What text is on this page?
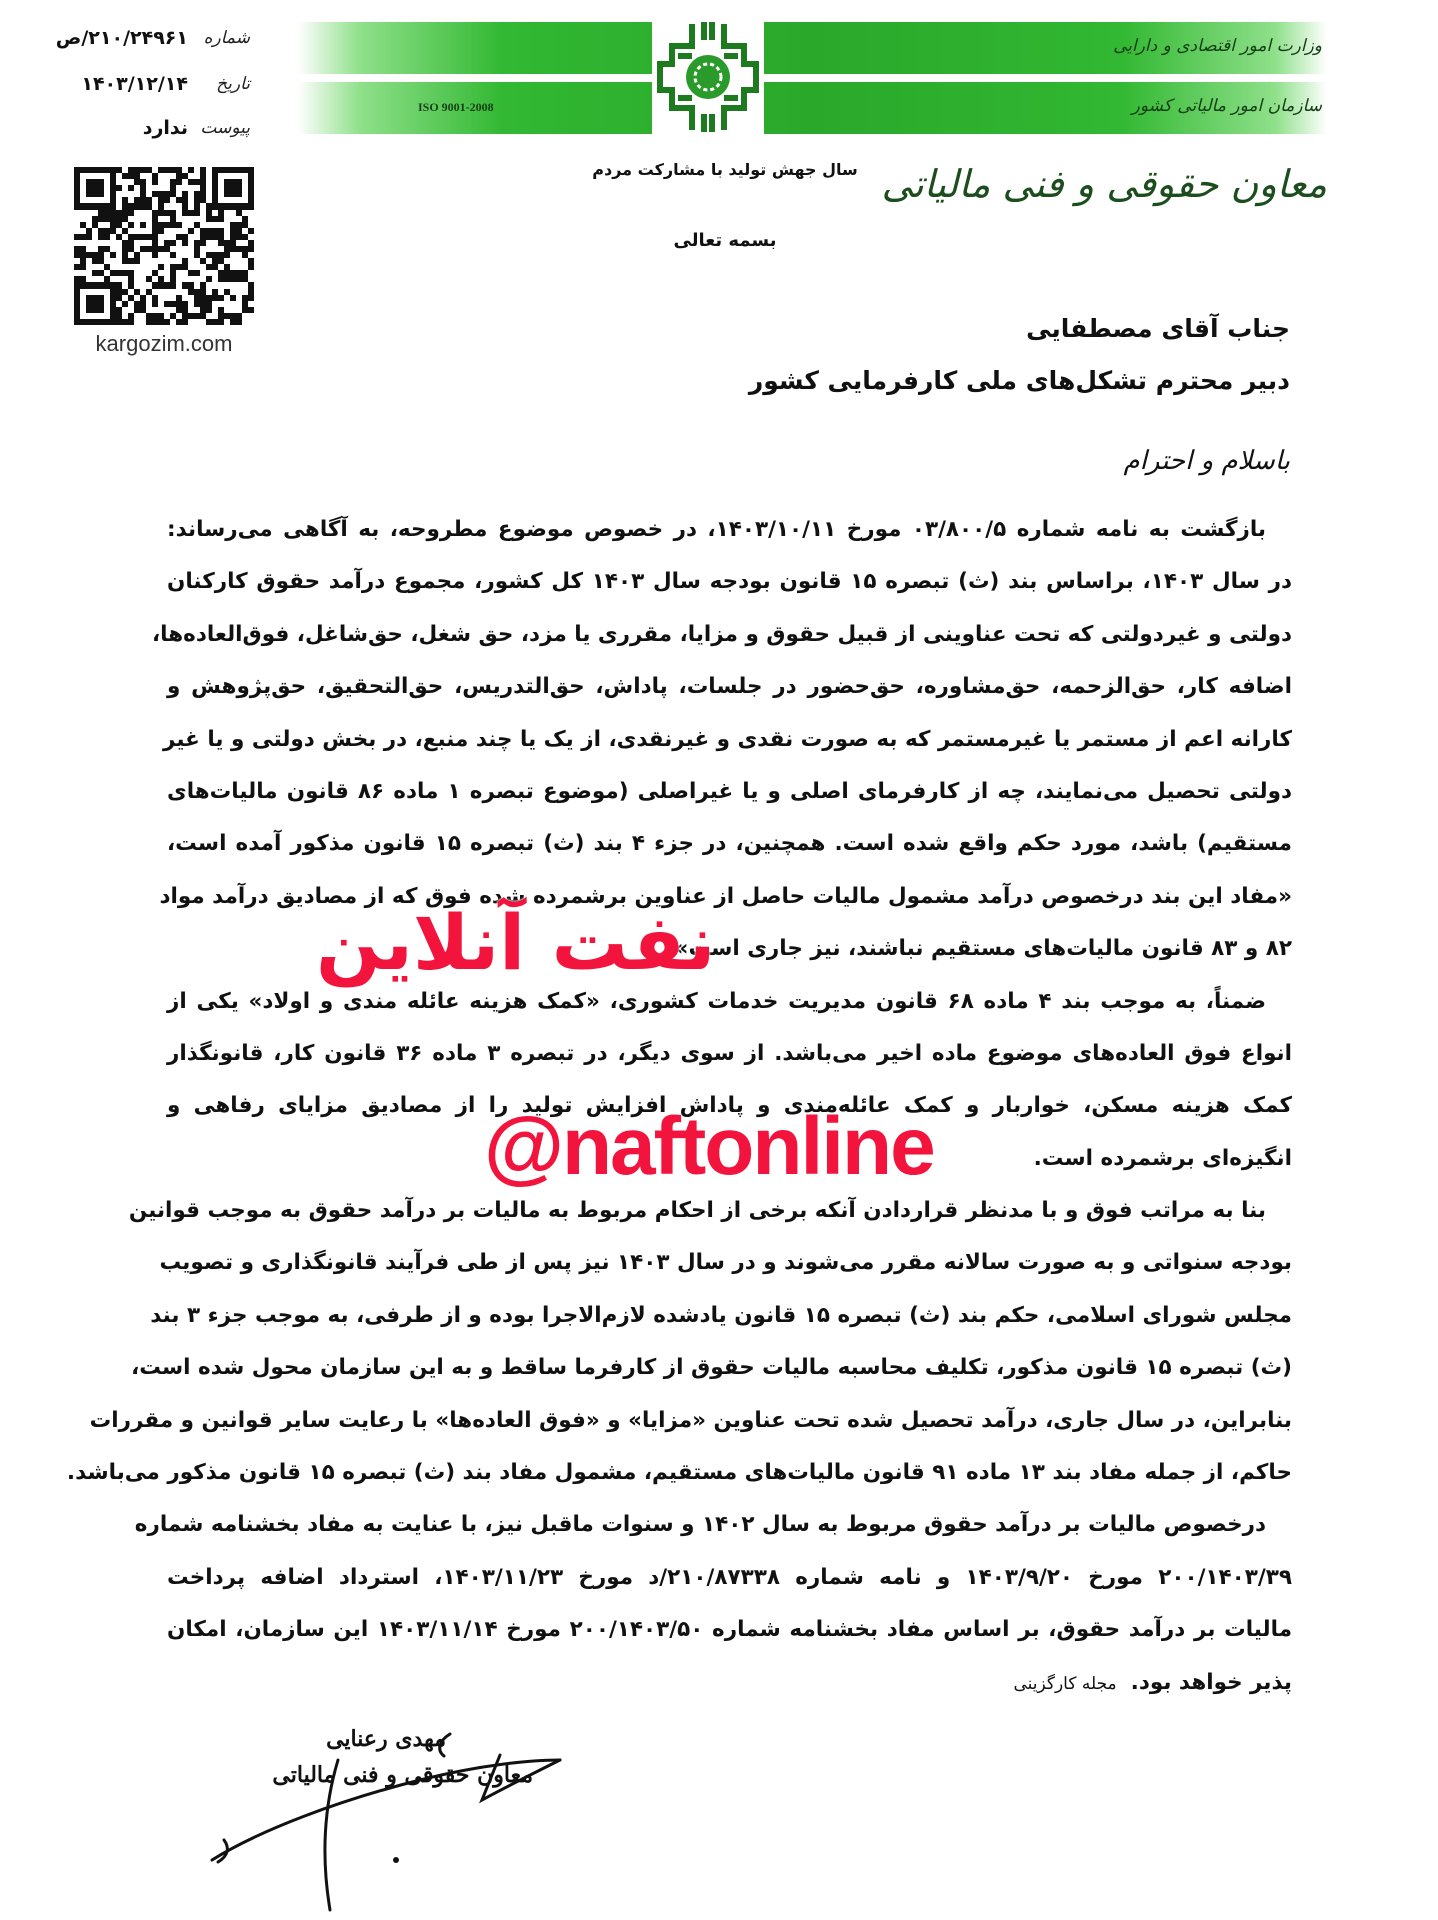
شماره
۲۱۰/۲۴۹۶۱/ص
تاریخ
۱۴۰۳/۱۲/۱۴
پیوست
ندارد
وزارت امور اقتصادی و دارایی
سازمان امور مالیاتی کشور
ISO 9001-2008
kargozim.com
سال جهش تولید با مشارکت مردم معاون حقوقی و فنی مالیاتی
بسمه تعالی
جناب آقای مصطفایی
دبیر محترم تشکل‌های ملی کارفرمایی کشور
باسلام و احترام
بازگشت به نامه شماره ۰۳/۸۰۰/۵ مورخ ۱۴۰۳/۱۰/۱۱، در خصوص موضوع مطروحه، به آگاهی می‌رساند:
در سال ۱۴۰۳، براساس بند (ث) تبصره ۱۵ قانون بودجه سال ۱۴۰۳ کل کشور، مجموع درآمد حقوق کارکنان
دولتی و غیردولتی که تحت عناوینی از قبیل حقوق و مزایا، مقرری یا مزد، حق شغل، حق‌شاغل، فوق‌العاده‌ها،
اضافه کار، حق‌الزحمه، حق‌مشاوره، حق‌حضور در جلسات، پاداش، حق‌التدریس، حق‌التحقیق، حق‌پژوهش و
کارانه اعم از مستمر یا غیرمستمر که به صورت نقدی و غیرنقدی، از یک یا چند منبع، در بخش دولتی و یا غیر
دولتی تحصیل می‌نمایند، چه از کارفرمای اصلی و یا غیراصلی (موضوع تبصره ۱ ماده ۸۶ قانون مالیات‌های
مستقیم) باشد، مورد حکم واقع شده است. همچنین، در جزء ۴ بند (ث) تبصره ۱۵ قانون مذکور آمده است،
«مفاد این بند درخصوص درآمد مشمول مالیات حاصل از عناوین برشمرده شده فوق که از مصادیق درآمد مواد
۸۲ و ۸۳ قانون مالیات‌های مستقیم نباشند، نیز جاری است».
ضمناً، به موجب بند ۴ ماده ۶۸ قانون مدیریت خدمات کشوری، «کمک هزینه عائله مندی و اولاد» یکی از
انواع فوق العاده‌های موضوع ماده اخیر می‌باشد. از سوی دیگر، در تبصره ۳ ماده ۳۶ قانون کار، قانونگذار
کمک هزینه مسکن، خواربار و کمک عائله‌مندی و پاداش افزایش تولید را از مصادیق مزایای رفاهی و
انگیزه‌ای برشمرده است.
بنا به مراتب فوق و با مدنظر قراردادن آنکه برخی از احکام مربوط به مالیات بر درآمد حقوق به موجب قوانین
بودجه سنواتی و به صورت سالانه مقرر می‌شوند و در سال ۱۴۰۳ نیز پس از طی فرآیند قانونگذاری و تصویب
مجلس شورای اسلامی، حکم بند (ث) تبصره ۱۵ قانون یادشده لازم‌الاجرا بوده و از طرفی، به موجب جزء ۳ بند
(ث) تبصره ۱۵ قانون مذکور، تکلیف محاسبه مالیات حقوق از کارفرما ساقط و به این سازمان محول شده است،
بنابراین، در سال جاری، درآمد تحصیل شده تحت عناوین «مزایا» و «فوق العاده‌ها» با رعایت سایر قوانین و مقررات
حاکم، از جمله مفاد بند ۱۳ ماده ۹۱ قانون مالیات‌های مستقیم، مشمول مفاد بند (ث) تبصره ۱۵ قانون مذکور می‌باشد.
درخصوص مالیات بر درآمد حقوق مربوط به سال ۱۴۰۲ و سنوات ماقبل نیز، با عنایت به مفاد بخشنامه شماره
۲۰۰/۱۴۰۳/۳۹ مورخ ۱۴۰۳/۹/۲۰ و نامه شماره ۲۱۰/۸۷۳۳۸/د مورخ ۱۴۰۳/۱۱/۲۳، استرداد اضافه پرداخت
مالیات بر درآمد حقوق، بر اساس مفاد بخشنامه شماره ۲۰۰/۱۴۰۳/۵۰ مورخ ۱۴۰۳/۱۱/۱۴ این سازمان، امکان
پذیر خواهد بود.مجله کارگزینی
نفت آنلاین
@naftonline
مهدی رعنایی
معاون حقوقی و فنی مالیاتی
